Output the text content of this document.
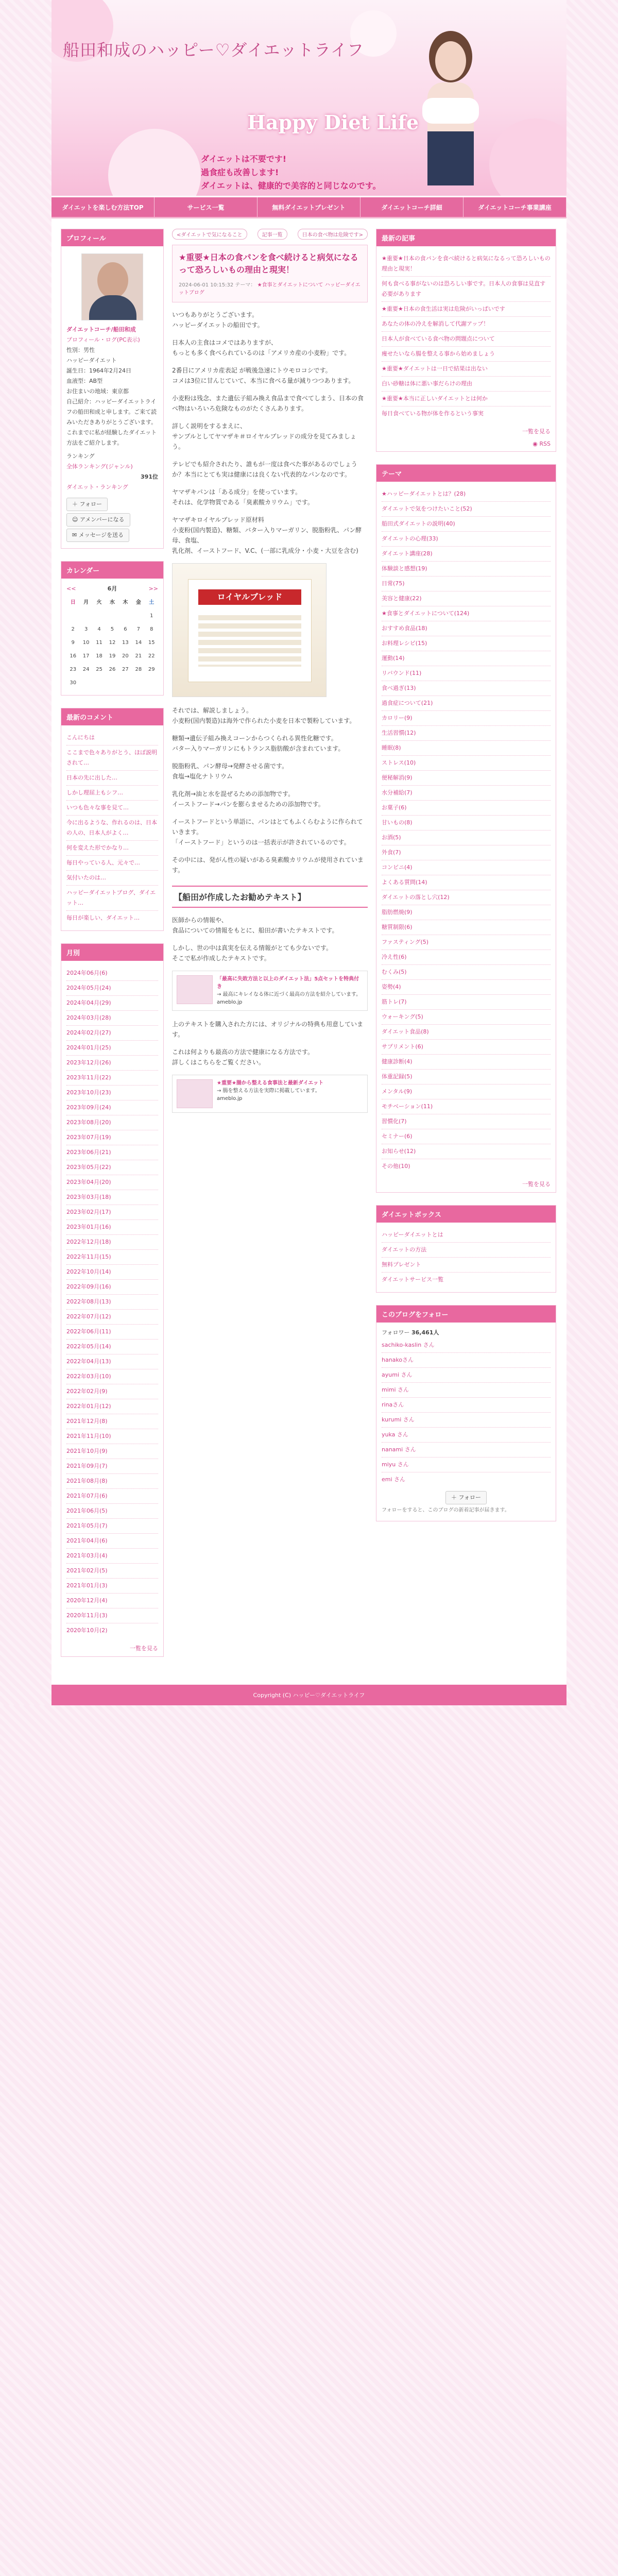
船田和成のハッピー♡ダイエットライフ
Happy Diet Life
ダイエットは不要です!
過食症も改善します!
ダイエットは、健康的で美容的と同じなのです。
ダイエットを楽しむ方法TOP	サービス一覧	無料ダイエットプレゼント	ダイエットコーチ詳細	ダイエットコーチ事業講座
プロフィール
ダイエットコーチ/船田和成
プロフィール・ログ(PC表示)
性別：男性
ハッピーダイエット
誕生日：1964年2月24日
血液型：AB型
お住まいの地域：東京都
自己紹介：ハッピーダイエットライフの船田和成と申します。ご来て読みいただきありがとうございます。これまでに私が経験したダイエット方法をご紹介します。
ランキング
全体ランキング(ジャンル)
391位
ダイエット・ランキング
＋ フォロー
☺ アメンバーになる
✉ メッセージを送る
カレンダー
<<	6月	>>
日	月	火	水	木	金	土
						1
2	3	4	5	6	7	8
9	10	11	12	13	14	15
16	17	18	19	20	21	22
23	24	25	26	27	28	29
30						
最新のコメント
こんにちは
ここまで色々ありがとう、ほぼ説明されて…
日本の先に出した…
しかし理屈上もシフ…
いつも色々な事を見て…
今に出るような、作れるのは、日本の人の、日本人がよく…
何を変えた形でかなり…
毎日やっている人、元々で…
気付いたのは…
ハッピーダイエットブログ、ダイエット…
毎日が楽しい、ダイエット…
月別
2024年06月(6)
2024年05月(24)
2024年04月(29)
2024年03月(28)
2024年02月(27)
2024年01月(25)
2023年12月(26)
2023年11月(22)
2023年10月(23)
2023年09月(24)
2023年08月(20)
2023年07月(19)
2023年06月(21)
2023年05月(22)
2023年04月(20)
2023年03月(18)
2023年02月(17)
2023年01月(16)
2022年12月(18)
2022年11月(15)
2022年10月(14)
2022年09月(16)
2022年08月(13)
2022年07月(12)
2022年06月(11)
2022年05月(14)
2022年04月(13)
2022年03月(10)
2022年02月(9)
2022年01月(12)
2021年12月(8)
2021年11月(10)
2021年10月(9)
2021年09月(7)
2021年08月(8)
2021年07月(6)
2021年06月(5)
2021年05月(7)
2021年04月(6)
2021年03月(4)
2021年02月(5)
2021年01月(3)
2020年12月(4)
2020年11月(3)
2020年10月(2)
一覧を見る
<ダイエットで気になること	記事一覧	日本の食べ物は危険です>
★重要★日本の食パンを食べ続けると病気になるって恐ろしいもの理由と現実！
2024-06-01 10:15:32 テーマ： ★食事とダイエットについて ハッピーダイエットブログ

いつもありがとうございます。
ハッピーダイエットの船田です。

日本人の主食はコメではありますが、
もっとも多く食べられているのは「アメリカ産の小麦粉」です。

2番目にアメリカ産表記 が戦後急速にトウモロコシです。
コメは3位に甘んじていて、本当に食べる量が減りつつあります。

小麦粉は残念、また遺伝子組み換え食品まで食べてしまう、日本の食べ物はいろいろ危険なものがたくさんあります。

詳しく説明をするまえに、
サンプルとしてヤマザキ＃ロイヤルブレッドの成分を見てみましょう。

テレビでも紹介されたり、誰もが一度は食べた事があるのでしょうか？本当にとても実は健康には良くない代表的なパンなのです。

ヤマザキパンは「ある成分」を使っています。
それは、化学物質である「臭素酸カリウム」です。

ヤマザキロイヤルブレッド原材料
小麦粉(国内製造)、糖類、バター入りマーガリン、脱脂粉乳、パン酵母、食塩、
乳化剤、イーストフード、V.C、(一部に乳成分・小麦・大豆を含む)

ロイヤルブレッド

それでは、解説しましょう。
小麦粉(国内製造)は海外で作られた小麦を日本で製粉しています。

糖類→遺伝子組み換えコーンからつくられる異性化糖です。
バター入りマーガリンにもトランス脂肪酸が含まれています。

脱脂粉乳、パン酵母→発酵させる菌です。
食塩→塩化ナトリウム

乳化剤→油と水を混ぜるための添加物です。
イーストフード→パンを膨らませるための添加物です。

イーストフードという単語に、パンはとてもふくらむように作られていきます。
「イーストフード」というのは一括表示が許されているのです。

その中には、発がん性の疑いがある臭素酸カリウムが使用されています。

【船田が作成したお勧めテキスト】

医師からの情報や、
食品についての情報をもとに、船田が書いたテキストです。

しかし、世の中は真実を伝える情報がとても少ないです。
そこで私が作成したテキストです。

「最高に失敗方法と以上のダイエット法」5点セットを特典付き
→ 最高にキレイなる体に近づく最高の方法を紹介しています。
ameblo.jp

上のテキストを購入された方には、オリジナルの特典も用意しています。

これは何よりも最高の方法で健康になる方法です。
詳しくはこちらをご覧ください。

★重要★腸から整える食事法と最新ダイエット
→ 腸を整える方法を実際に掲載しています。
ameblo.jp
最新の記事
★重要★日本の食パンを食べ続けると病気になるって恐ろしいもの理由と現実！
何も食べる事がないのは恐ろしい事です。日本人の食事は見直す必要があります
★重要★日本の食生活は実は危険がいっぱいです
あなたの体の冷えを解消して代謝アップ！
日本人が食べている食べ物の問題点について
痩せたいなら腸を整える事から始めましょう
★重要★ダイエットは一日で結果は出ない
白い砂糖は体に悪い事だらけの理由
★重要★本当に正しいダイエットとは何か
毎日食べている物が体を作るという事実
一覧を見る
◉ RSS
テーマ
★ハッピーダイエットとは？(28)
ダイエットで気をつけたいこと(52)
船田式ダイエットの説明(40)
ダイエットの心理(33)
ダイエット講座(28)
体験談と感想(19)
日常(75)
美容と健康(22)
★食事とダイエットについて(124)
おすすめ食品(18)
お料理レシピ(15)
運動(14)
リバウンド(11)
食べ過ぎ(13)
過食症について(21)
カロリー(9)
生活習慣(12)
睡眠(8)
ストレス(10)
便秘解消(9)
水分補給(7)
お菓子(6)
甘いもの(8)
お酒(5)
外食(7)
コンビニ(4)
よくある質問(14)
ダイエットの落とし穴(12)
脂肪燃焼(9)
糖質制限(6)
ファスティング(5)
冷え性(6)
むくみ(5)
姿勢(4)
筋トレ(7)
ウォーキング(5)
ダイエット食品(8)
サプリメント(6)
健康診断(4)
体重記録(5)
メンタル(9)
モチベーション(11)
習慣化(7)
セミナー(6)
お知らせ(12)
その他(10)
一覧を見る
ダイエットボックス
ハッピーダイエットとは
ダイエットの方法
無料プレゼント
ダイエットサービス一覧
このブログをフォロー
フォロワー 36,461人
sachiko-kaslin さん
hanakoさん
ayumi さん
mimi さん
rinaさん
kurumi さん
yuka さん
nanami さん
miyu さん
emi さん
＋ フォロー
フォローをすると、このブログの新着記事が届きます。
Copyright (C) ハッピー♡ダイエットライフ
